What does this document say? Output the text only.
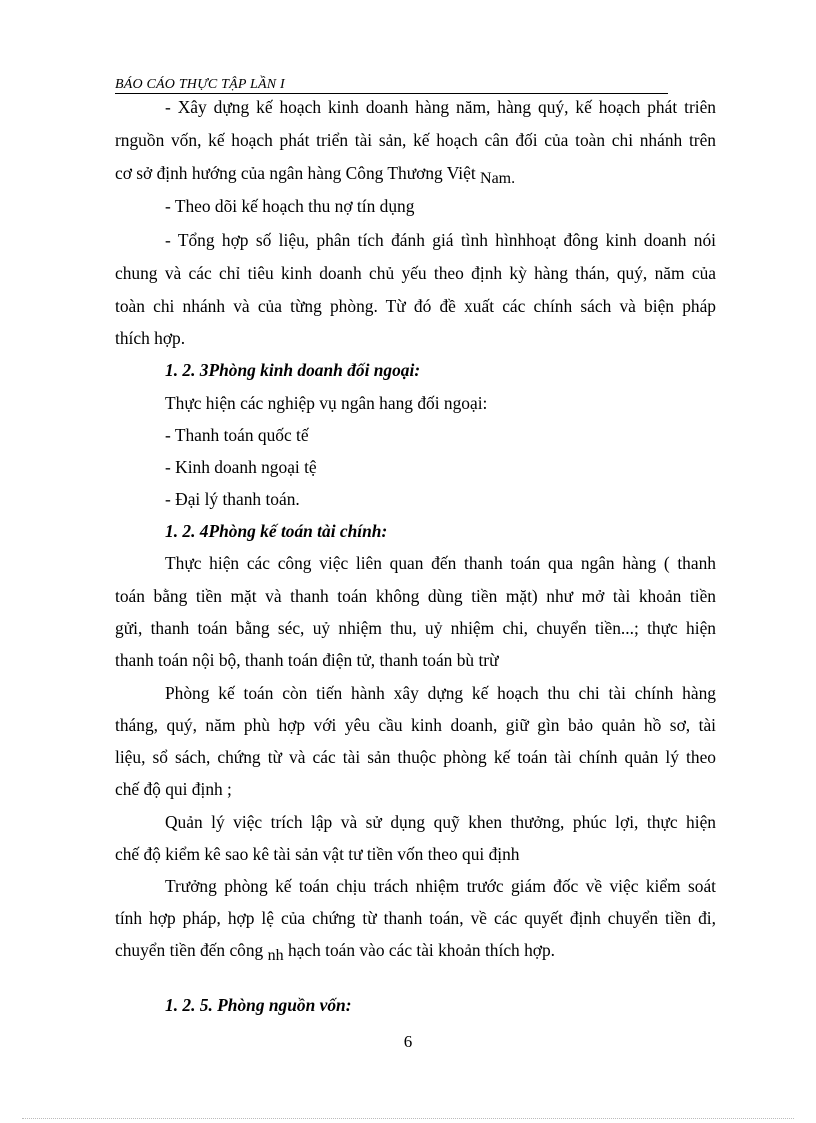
BÁO CÁO THỰC TẬP LẦN I
- Xây dựng kế hoạch kinh doanh hàng năm, hàng quý, kế hoạch phát triên
rnguồn vốn, kế hoạch phát triển tài sản, kế hoạch cân đối của toàn chi nhánh trên
cơ sở định hướng của ngân hàng Công Thương Việt Nam.
- Theo dõi kế hoạch thu nợ tín dụng
- Tổng hợp số liệu, phân tích đánh giá tình hìnhhoạt đông kinh doanh nói
chung và các chỉ tiêu kinh doanh chủ yếu theo định kỳ hàng thán, quý, năm của
toàn chi nhánh và của từng phòng. Từ đó đề xuất các chính sách và biện pháp
thích hợp.
1. 2. 3Phòng kinh doanh đối ngoại:
Thực hiện các nghiệp vụ ngân hang đối ngoại:
- Thanh toán quốc tế
- Kinh doanh ngoại tệ
- Đại lý thanh toán.
1. 2. 4Phòng kế toán tài chính:
Thực hiện các công việc liên quan đến thanh toán qua ngân hàng ( thanh
toán bằng tiền mặt và thanh toán không dùng tiền mặt) như mở tài khoản tiền
gửi, thanh toán bằng séc, uỷ nhiệm thu, uỷ nhiệm chi, chuyển tiền...; thực hiện
thanh toán nội bộ, thanh toán điện tử, thanh toán bù trừ
Phòng kế toán còn tiến hành xây dựng kế hoạch thu chi tài chính hàng
tháng, quý, năm phù hợp với yêu cầu kinh doanh, giữ gìn bảo quản hồ sơ, tài
liệu, sổ sách, chứng từ và các tài sản thuộc phòng kế toán tài chính quản lý theo
chế độ qui định ;
Quản lý việc trích lập và sử dụng quỹ khen thưởng, phúc lợi, thực hiện
chế độ kiểm kê sao kê tài sản vật tư tiền vốn theo qui định
Trưởng phòng kế toán chịu trách nhiệm trước giám đốc về việc kiểm soát
tính hợp pháp, hợp lệ của chứng từ thanh toán, về các quyết định chuyển tiền đi,
chuyển tiền đến công nh hạch toán vào các tài khoản thích hợp.
1. 2. 5. Phòng nguồn vốn:
6
